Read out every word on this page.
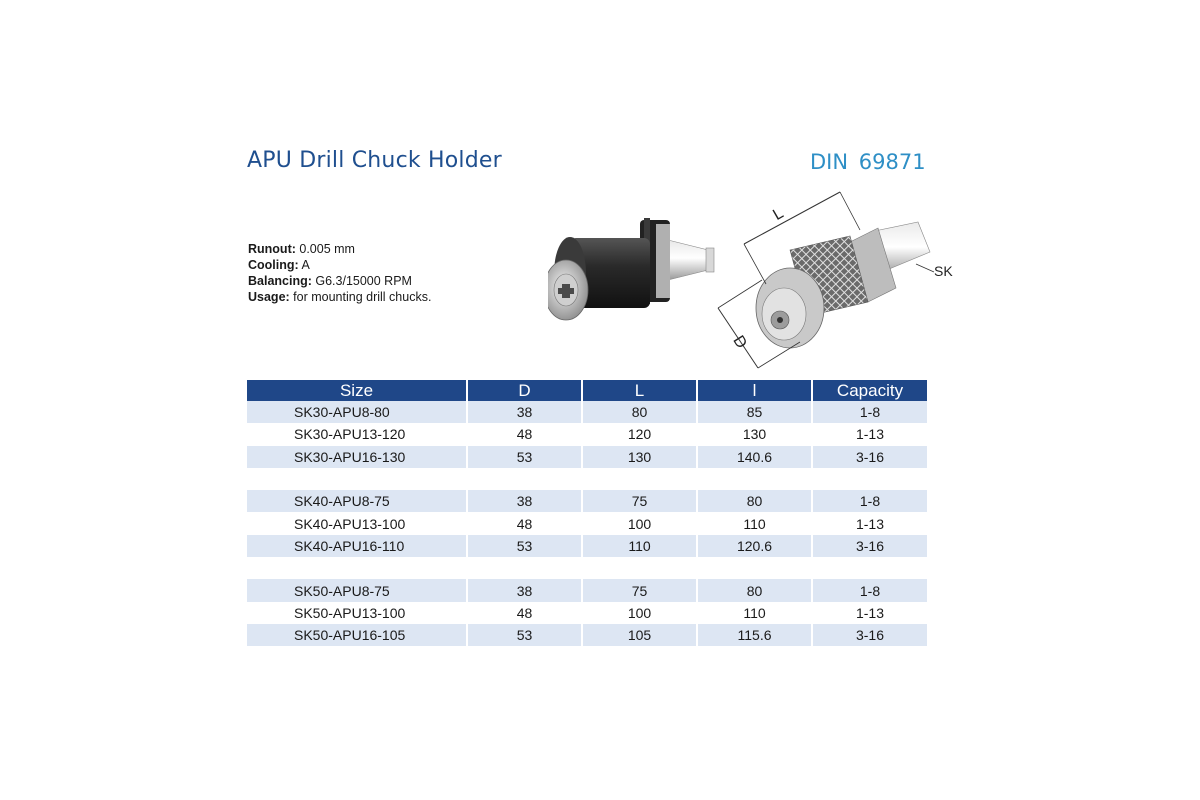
APU Drill Chuck Holder	DIN 69871
Runout: 0.005 mm
Cooling: A
Balancing: G6.3/15000 RPM
Usage: for mounting drill chucks.
L
D
SK
Size	D	L	l	Capacity
SK30-APU8-80	38	80	85	1-8
SK30-APU13-120	48	120	130	1-13
SK30-APU16-130	53	130	140.6	3-16

SK40-APU8-75	38	75	80	1-8
SK40-APU13-100	48	100	110	1-13
SK40-APU16-110	53	110	120.6	3-16

SK50-APU8-75	38	75	80	1-8
SK50-APU13-100	48	100	110	1-13
SK50-APU16-105	53	105	115.6	3-16
